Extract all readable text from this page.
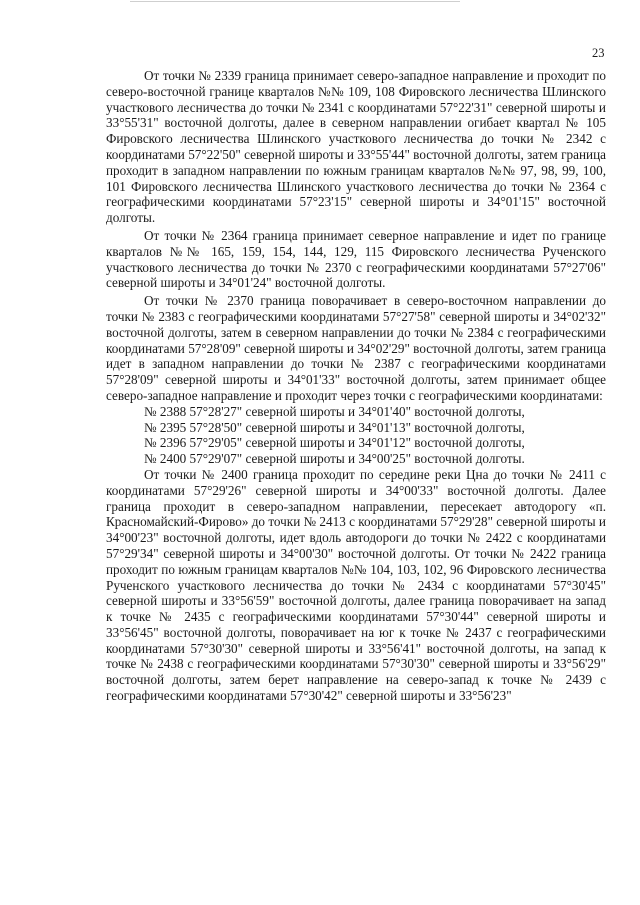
23

От точки № 2339 граница принимает северо-западное направление и проходит по северо-восточной границе кварталов №№ 109, 108 Фировского лесничества Шлинского участкового лесничества до точки № 2341 с координатами 57°22'31" северной широты и 33°55'31" восточной долготы, далее в северном направлении огибает квартал № 105 Фировского лесничества Шлинского участкового лесничества до точки № 2342 с координатами 57°22'50" северной широты и 33°55'44" восточной долготы, затем граница проходит в западном направлении по южным границам кварталов №№ 97, 98, 99, 100, 101 Фировского лесничества Шлинского участкового лесничества до точки № 2364 с географическими координатами 57°23'15" северной широты и 34°01'15" восточной долготы.

От точки № 2364 граница принимает северное направление и идет по границе кварталов №№ 165, 159, 154, 144, 129, 115 Фировского лесничества Рученского участкового лесничества до точки № 2370 с географическими координатами 57°27'06" северной широты и 34°01'24" восточной долготы.

От точки № 2370 граница поворачивает в северо-восточном направлении до точки № 2383 с географическими координатами 57°27'58" северной широты и 34°02'32" восточной долготы, затем в северном направлении до точки № 2384 с географическими координатами 57°28'09" северной широты и 34°02'29" восточной долготы, затем граница идет в западном направлении до точки № 2387 с географическими координатами 57°28'09" северной широты и 34°01'33" восточной долготы, затем принимает общее северо-западное направление и проходит через точки с географическими координатами:

№ 2388 57°28'27" северной широты и 34°01'40" восточной долготы,
№ 2395 57°28'50" северной широты и 34°01'13" восточной долготы,
№ 2396 57°29'05" северной широты и 34°01'12" восточной долготы,
№ 2400 57°29'07" северной широты и 34°00'25" восточной долготы.

От точки № 2400 граница проходит по середине реки Цна до точки № 2411 с координатами 57°29'26" северной широты и 34°00'33" восточной долготы. Далее граница проходит в северо-западном направлении, пересекает автодорогу «п. Красномайский-Фирово» до точки № 2413 с координатами 57°29'28" северной широты и 34°00'23" восточной долготы, идет вдоль автодороги до точки № 2422 с координатами 57°29'34" северной широты и 34°00'30" восточной долготы. От точки № 2422 граница проходит по южным границам кварталов №№ 104, 103, 102, 96 Фировского лесничества Рученского участкового лесничества до точки № 2434 с координатами 57°30'45" северной широты и 33°56'59" восточной долготы, далее граница поворачивает на запад к точке № 2435 с географическими координатами 57°30'44" северной широты и 33°56'45" восточной долготы, поворачивает на юг к точке № 2437 с географическими координатами 57°30'30" северной широты и 33°56'41" восточной долготы, на запад к точке № 2438 с географическими координатами 57°30'30" северной широты и 33°56'29" восточной долготы, затем берет направление на северо-запад к точке № 2439 с географическими координатами 57°30'42" северной широты и 33°56'23"
